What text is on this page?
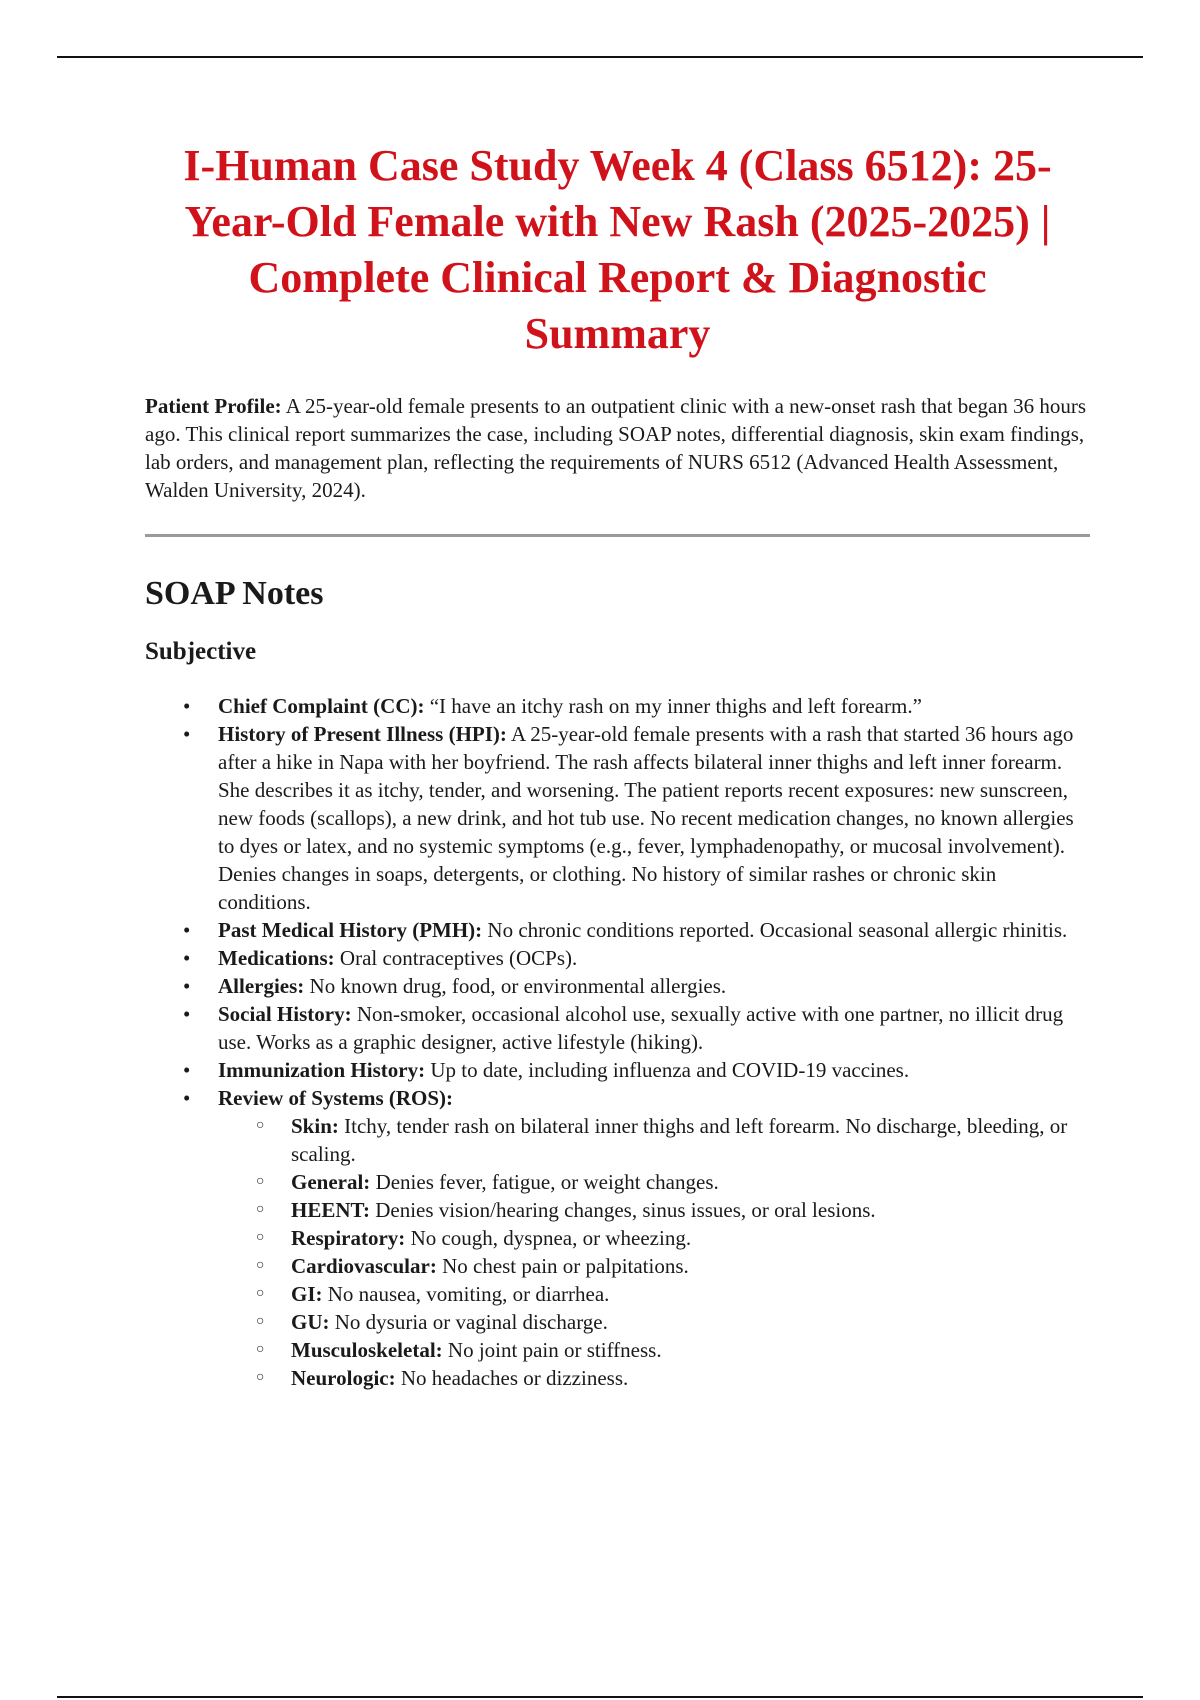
I-Human Case Study Week 4 (Class 6512): 25-Year-Old Female with New Rash (2025-2025) | Complete Clinical Report & Diagnostic Summary

Patient Profile: A 25-year-old female presents to an outpatient clinic with a new-onset rash that began 36 hours ago. This clinical report summarizes the case, including SOAP notes, differential diagnosis, skin exam findings, lab orders, and management plan, reflecting the requirements of NURS 6512 (Advanced Health Assessment, Walden University, 2024).

SOAP Notes
Subjective
• Chief Complaint (CC): “I have an itchy rash on my inner thighs and left forearm.”
• History of Present Illness (HPI): A 25-year-old female presents with a rash that started 36 hours ago after a hike in Napa with her boyfriend. The rash affects bilateral inner thighs and left inner forearm. She describes it as itchy, tender, and worsening. The patient reports recent exposures: new sunscreen, new foods (scallops), a new drink, and hot tub use. No recent medication changes, no known allergies to dyes or latex, and no systemic symptoms (e.g., fever, lymphadenopathy, or mucosal involvement). Denies changes in soaps, detergents, or clothing. No history of similar rashes or chronic skin conditions.
• Past Medical History (PMH): No chronic conditions reported. Occasional seasonal allergic rhinitis.
• Medications: Oral contraceptives (OCPs).
• Allergies: No known drug, food, or environmental allergies.
• Social History: Non-smoker, occasional alcohol use, sexually active with one partner, no illicit drug use. Works as a graphic designer, active lifestyle (hiking).
• Immunization History: Up to date, including influenza and COVID-19 vaccines.
• Review of Systems (ROS):
○ Skin: Itchy, tender rash on bilateral inner thighs and left forearm. No discharge, bleeding, or scaling.
○ General: Denies fever, fatigue, or weight changes.
○ HEENT: Denies vision/hearing changes, sinus issues, or oral lesions.
○ Respiratory: No cough, dyspnea, or wheezing.
○ Cardiovascular: No chest pain or palpitations.
○ GI: No nausea, vomiting, or diarrhea.
○ GU: No dysuria or vaginal discharge.
○ Musculoskeletal: No joint pain or stiffness.
○ Neurologic: No headaches or dizziness.
